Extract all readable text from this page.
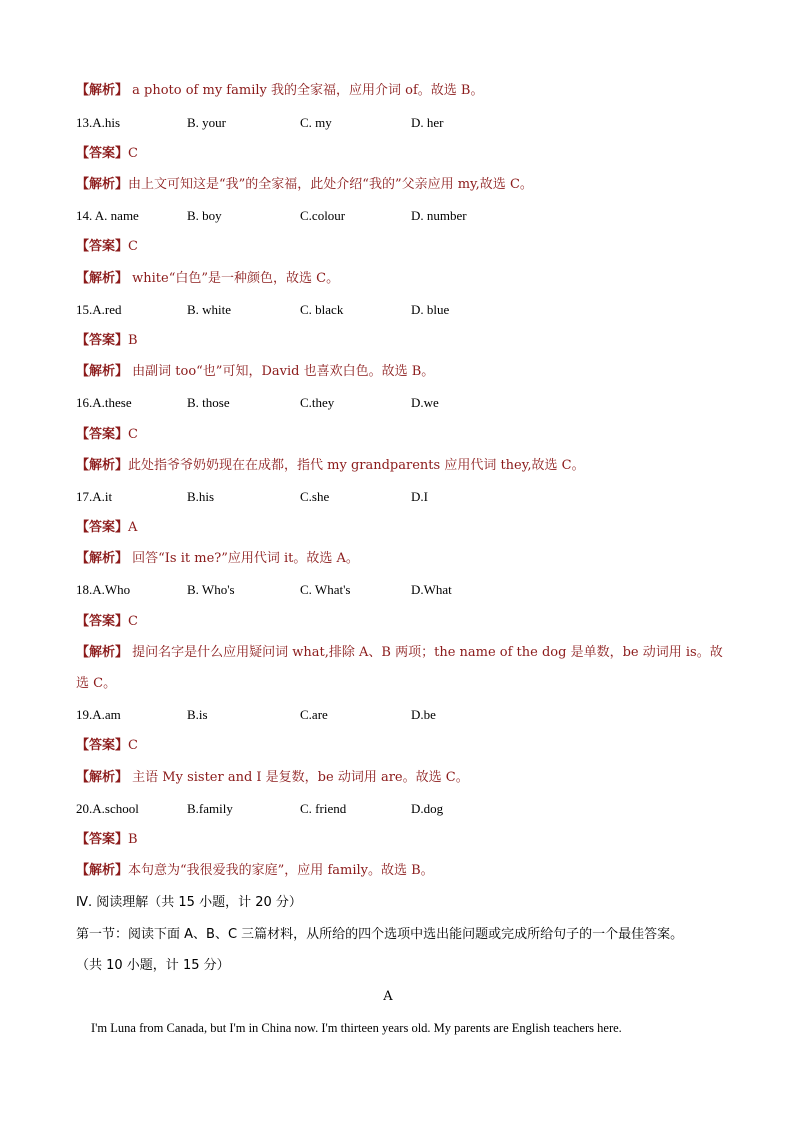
【解析】 a photo of my family 我的全家福，应用介词 of。故选 B。
13.A.his	B. your	C. my	D. her
【答案】C
【解析】由上文可知这是“我”的全家福，此处介绍“我的”父亲应用 my,故选 C。
14. A. name	B. boy	C.colour	D. number
【答案】C
【解析】 white“白色”是一种颜色，故选 C。
15.A.red	B. white	C. black	D. blue
【答案】B
【解析】 由副词 too“也”可知，David 也喜欢白色。故选 B。
16.A.these	B. those	C.they	D.we
【答案】C
【解析】此处指爷爷奶奶现在在成都，指代 my grandparents 应用代词 they,故选 C。
17.A.it	B.his	C.she	D.I
【答案】A
【解析】 回答“Is it me?”应用代词 it。故选 A。
18.A.Who	B. Who's	C. What's	D.What
【答案】C
【解析】 提问名字是什么应用疑问词 what,排除 A、B 两项；the name of the dog 是单数，be 动词用 is。故
选 C。
19.A.am	B.is	C.are	D.be
【答案】C
【解析】 主语 My sister and I 是复数，be 动词用 are。故选 C。
20.A.school	B.family	C. friend	D.dog
【答案】B
【解析】本句意为“我很爱我的家庭”，应用 family。故选 B。
Ⅳ. 阅读理解（共 15 小题，计 20 分）
第一节：阅读下面 A、B、C 三篇材料，从所给的四个选项中选出能问题或完成所给句子的一个最佳答案。
（共 10 小题，计 15 分）
A
I'm Luna from Canada, but I'm in China now. I'm thirteen years old. My parents are English teachers here.
